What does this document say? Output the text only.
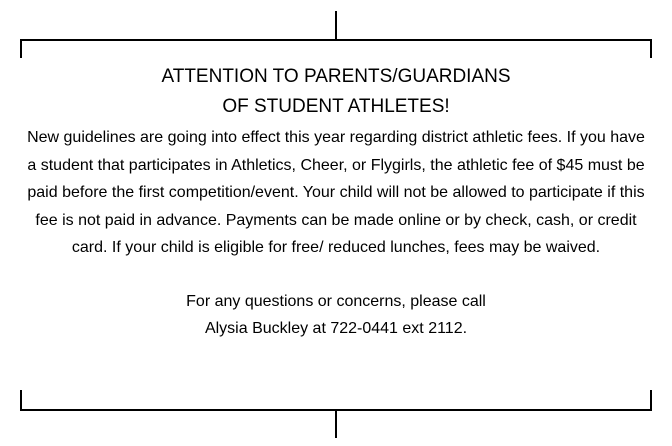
ATTENTION TO PARENTS/GUARDIANS
OF STUDENT ATHLETES!

New guidelines are going into effect this year regarding district athletic fees. If you have a student that participates in Athletics, Cheer, or Flygirls, the athletic fee of $45 must be paid before the first competition/event. Your child will not be allowed to participate if this fee is not paid in advance. Payments can be made online or by check, cash, or credit card. If your child is eligible for free/ reduced lunches, fees may be waived.

For any questions or concerns, please call
Alysia Buckley at 722-0441 ext 2112.
